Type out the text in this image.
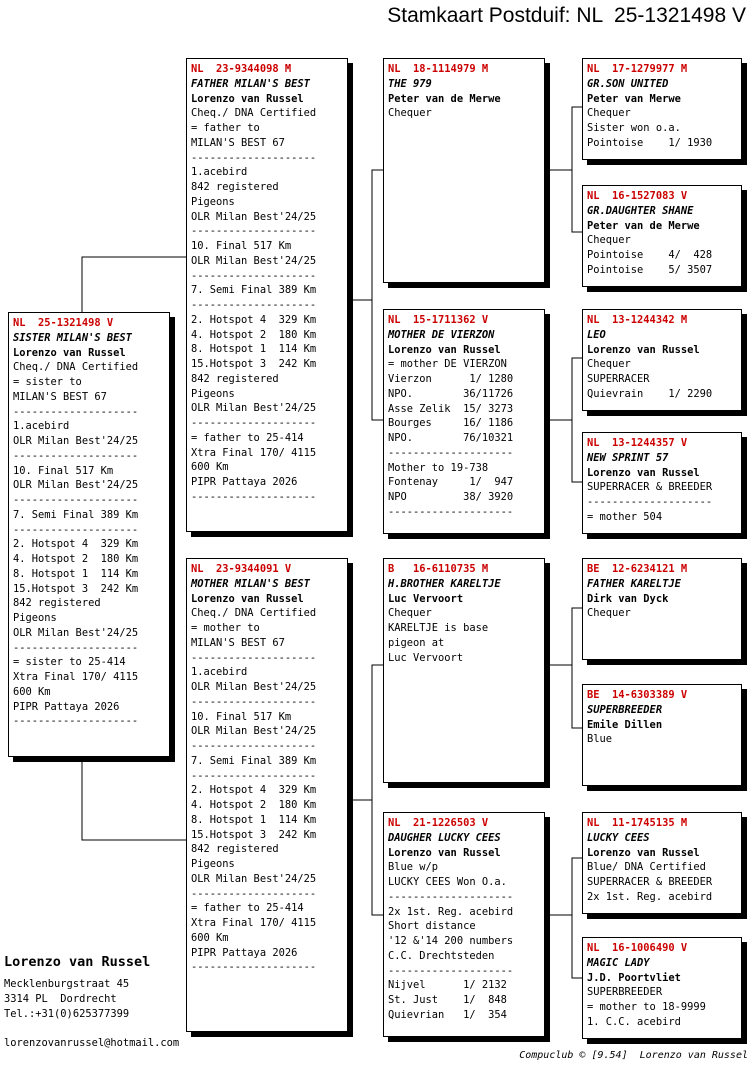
Stamkaart Postduif: NL  25-1321498 V
NL  25-1321498 V
SISTER MILAN'S BEST
Lorenzo van Russel
Cheq./ DNA Certified
= sister to
MILAN'S BEST 67
--------------------
1.acebird
OLR Milan Best'24/25
--------------------
10. Final 517 Km
OLR Milan Best'24/25
--------------------
7. Semi Final 389 Km
--------------------
2. Hotspot 4  329 Km
4. Hotspot 2  180 Km
8. Hotspot 1  114 Km
15.Hotspot 3  242 Km
842 registered
Pigeons
OLR Milan Best'24/25
--------------------
= sister to 25-414
Xtra Final 170/ 4115
600 Km
PIPR Pattaya 2026
--------------------
NL  23-9344098 M
FATHER MILAN'S BEST
Lorenzo van Russel
Cheq./ DNA Certified
= father to
MILAN'S BEST 67
--------------------
1.acebird
842 registered
Pigeons
OLR Milan Best'24/25
--------------------
10. Final 517 Km
OLR Milan Best'24/25
--------------------
7. Semi Final 389 Km
--------------------
2. Hotspot 4  329 Km
4. Hotspot 2  180 Km
8. Hotspot 1  114 Km
15.Hotspot 3  242 Km
842 registered
Pigeons
OLR Milan Best'24/25
--------------------
= father to 25-414
Xtra Final 170/ 4115
600 Km
PIPR Pattaya 2026
--------------------
NL  23-9344091 V
MOTHER MILAN'S BEST
Lorenzo van Russel
Cheq./ DNA Certified
= mother to
MILAN'S BEST 67
--------------------
1.acebird
OLR Milan Best'24/25
--------------------
10. Final 517 Km
OLR Milan Best'24/25
--------------------
7. Semi Final 389 Km
--------------------
2. Hotspot 4  329 Km
4. Hotspot 2  180 Km
8. Hotspot 1  114 Km
15.Hotspot 3  242 Km
842 registered
Pigeons
OLR Milan Best'24/25
--------------------
= father to 25-414
Xtra Final 170/ 4115
600 Km
PIPR Pattaya 2026
--------------------
NL  18-1114979 M
THE 979
Peter van de Merwe
Chequer
NL  15-1711362 V
MOTHER DE VIERZON
Lorenzo van Russel
= mother DE VIERZON
Vierzon      1/ 1280
NPO.        36/11726
Asse Zelik  15/ 3273
Bourges     16/ 1186
NPO.        76/10321
--------------------
Mother to 19-738
Fontenay     1/  947
NPO         38/ 3920
--------------------
B   16-6110735 M
H.BROTHER KARELTJE
Luc Vervoort
Chequer
KARELTJE is base
pigeon at
Luc Vervoort
NL  21-1226503 V
DAUGHER LUCKY CEES
Lorenzo van Russel
Blue w/p
LUCKY CEES Won O.a.
--------------------
2x 1st. Reg. acebird
Short distance
'12 &'14 200 numbers
C.C. Drechtsteden
--------------------
Nijvel      1/ 2132
St. Just    1/  848
Quievrian   1/  354
NL  17-1279977 M
GR.SON UNITED
Peter van Merwe
Chequer
Sister won o.a.
Pointoise    1/ 1930
NL  16-1527083 V
GR.DAUGHTER SHANE
Peter van de Merwe
Chequer
Pointoise    4/  428
Pointoise    5/ 3507
NL  13-1244342 M
LEO
Lorenzo van Russel
Chequer
SUPERRACER
Quievrain    1/ 2290
NL  13-1244357 V
NEW SPRINT 57
Lorenzo van Russel
SUPERRACER & BREEDER
--------------------
= mother 504
BE  12-6234121 M
FATHER KARELTJE
Dirk van Dyck
Chequer
BE  14-6303389 V
SUPERBREEDER
Emile Dillen
Blue
NL  11-1745135 M
LUCKY CEES
Lorenzo van Russel
Blue/ DNA Certified
SUPERRACER & BREEDER
2x 1st. Reg. acebird
NL  16-1006490 V
MAGIC LADY
J.D. Poortvliet
SUPERBREEDER
= mother to 18-9999
1. C.C. acebird
Lorenzo van Russel
Mecklenburgstraat 45
3314 PL  Dordrecht
Tel.:+31(0)625377399
lorenzovanrussel@hotmail.com
Compuclub © [9.54]  Lorenzo van Russel
